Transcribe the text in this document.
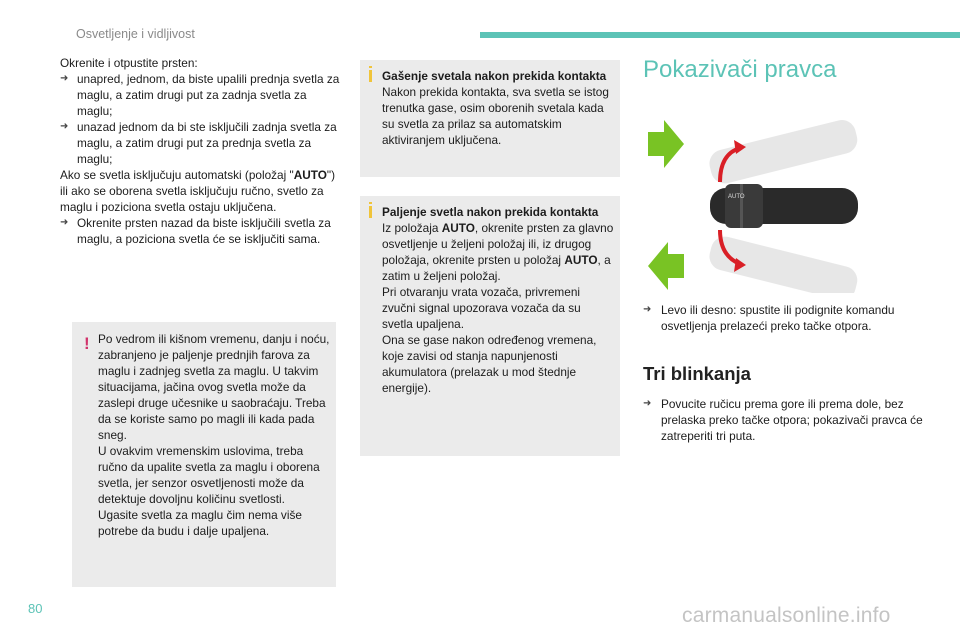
Osvetljenje i vidljivost

Okrenite i otpustite prsten:

➜ unapred, jednom, da biste upalili prednja svetla za maglu, a zatim drugi put za zadnja svetla za maglu;
➜ unazad jednom da bi ste isključili zadnja svetla za maglu, a zatim drugi put za prednja svetla za maglu;

Ako se svetla isključuju automatski (položaj "AUTO") ili ako se oborena svetla isključuju ručno, svetlo za maglu i poziciona svetla ostaju uključena.

➜ Okrenite prsten nazad da biste isključili svetla za maglu, a poziciona svetla će se isključiti sama.
! Po vedrom ili kišnom vremenu, danju i noću, zabranjeno je paljenje prednjih farova za maglu i zadnjeg svetla za maglu. U takvim situacijama, jačina ovog svetla može da zaslepi druge učesnike u saobraćaju. Treba da se koriste samo po magli ili kada pada sneg.
U ovakvim vremenskim uslovima, treba ručno da upalite svetla za maglu i oborena svetla, jer senzor osvetljenosti može da detektuje dovoljnu količinu svetlosti.
Ugasite svetla za maglu čim nema više potrebe da budu i dalje upaljena.

Gašenje svetala nakon prekida kontakta

Nakon prekida kontakta, sva svetla se istog trenutka gase, osim oborenih svetala kada su svetla za prilaz sa automatskim aktiviranjem uključena.

Paljenje svetla nakon prekida kontakta

Iz položaja AUTO, okrenite prsten za glavno osvetljenje u željeni položaj ili, iz drugog položaja, okrenite prsten u položaj AUTO, a zatim u željeni položaj.

Pri otvaranju vrata vozača, privremeni zvučni signal upozorava vozača da su svetla upaljena.

Ona se gase nakon određenog vremena, koje zavisi od stanja napunjenosti akumulatora (prelazak u mod štednje energije).

Pokazivači pravca
AUTO
➜ Levo ili desno: spustite ili podignite komandu osvetljenja prelazeći preko tačke otpora.
Tri blinkanja
➜ Povucite ručicu prema gore ili prema dole, bez prelaska preko tačke otpora; pokazivači pravca će zatreperiti tri puta.
80	carmanualsonline.info
